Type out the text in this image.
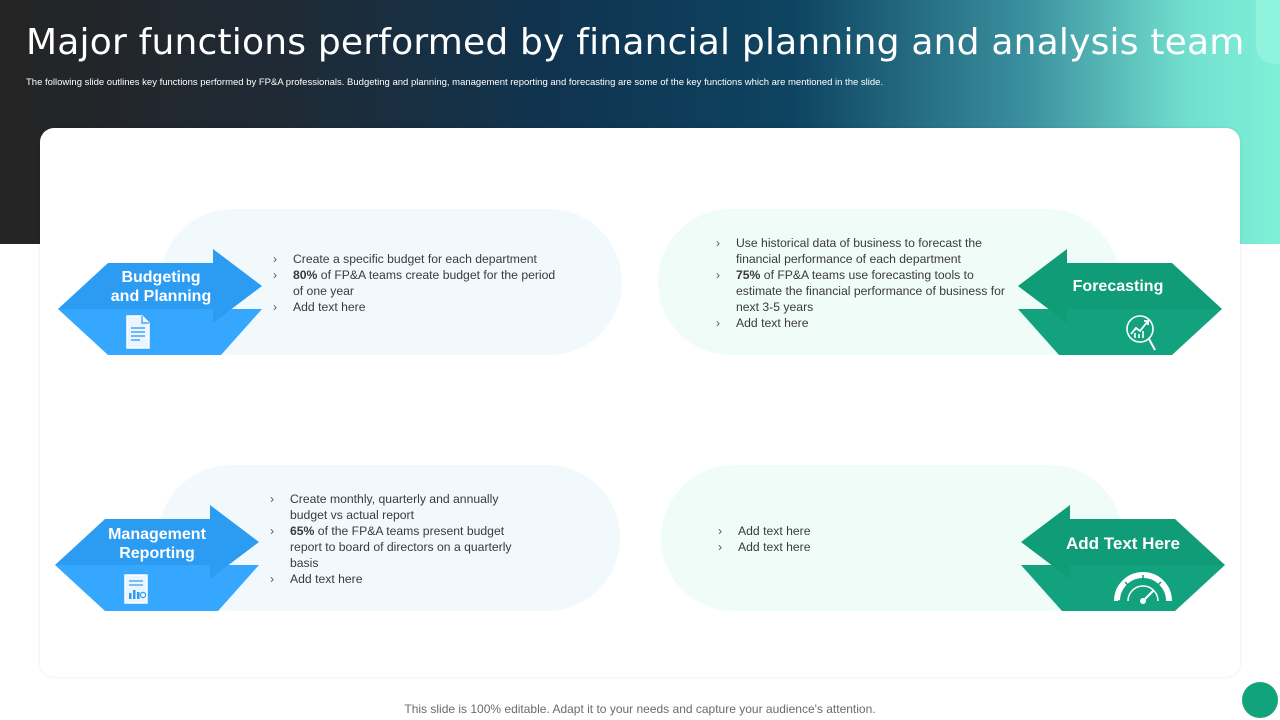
Major functions performed by financial planning and analysis team

The following slide outlines key functions performed by FP&A professionals. Budgeting and planning, management reporting and forecasting are some of the key functions which are mentioned in the slide.

› Create a specific budget for each department
› 80% of FP&A teams create budget for the period of one year
› Add text here
Budgeting
and Planning
› Use historical data of business to forecast the financial performance of each department
› 75% of FP&A teams use forecasting tools to estimate the financial performance of business for next 3-5 years
› Add text here
Forecasting
› Create monthly, quarterly and annually budget vs actual report
› 65% of the FP&A teams present budget report to board of directors on a quarterly basis
› Add text here
Management
Reporting
› Add text here
› Add text here	Add Text Here
This slide is 100% editable. Adapt it to your needs and capture your audience's attention.
